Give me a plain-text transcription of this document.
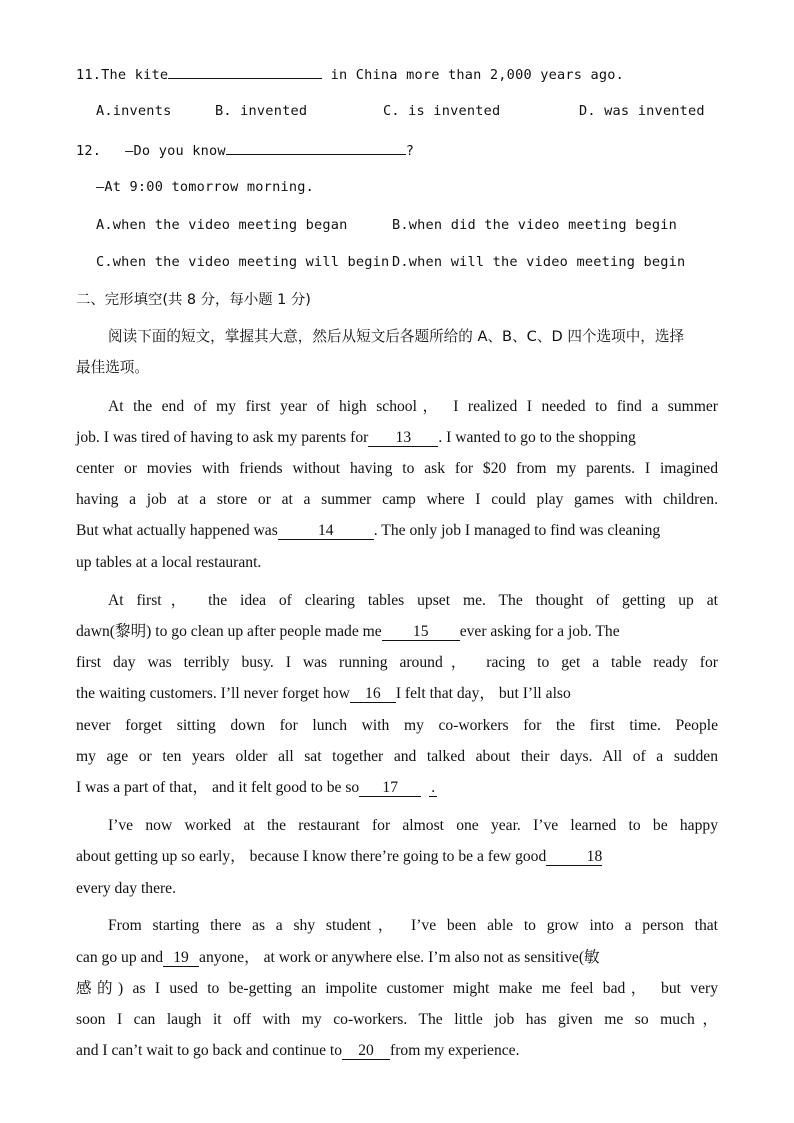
11.The kite	in China more than 2,000 years ago.
A.invents	B. invented	C. is invented	D. was invented
12. —Do you know	?
—At 9:00 tomorrow morning.
A.when the video meeting began	B.when did the video meeting begin
C.when the video meeting will begin D.when will the video meeting begin
二、完形填空(共 8 分，每小题 1 分)
阅读下面的短文，掌握其大意，然后从短文后各题所给的 A、B、C、D 四个选项中，选择
最佳选项。
At the end of my first year of high school， I realized I needed to find a summer
job. I was tired of having to ask my parents for 13 . I wanted to go to the shopping
center or movies with friends without having to ask for $20 from my parents. I imagined
having a job at a store or at a summer camp where I could play games with children.
But what actually happened was	14	. The only job I managed to find was cleaning
up tables at a local restaurant.
At first， the idea of clearing tables upset me. The thought of getting up at
dawn(黎明) to go clean up after people made me 15 ever asking for a job. The
first day was terribly busy. I was running around， racing to get a table ready for
the waiting customers. I’ll never forget how 16 I felt that day， but I’ll also
never forget sitting down for lunch with my co-workers for the first time. People
my age or ten years older all sat together and talked about their days. All of a sudden
I was a part of that， and it felt good to be so 17 .
I’ve now worked at the restaurant for almost one year. I’ve learned to be happy
about getting up so early， because I know there’re going to be a few good	18
every day there.
From starting there as a shy student， I’ve been able to grow into a person that
can go up and 19 anyone， at work or anywhere else. I’m also not as sensitive(敏
感的) as I used to be-getting an impolite customer might make me feel bad， but very
soon I can laugh it off with my co-workers. The little job has given me so much，
and I can’t wait to go back and continue to 20 from my experience.
